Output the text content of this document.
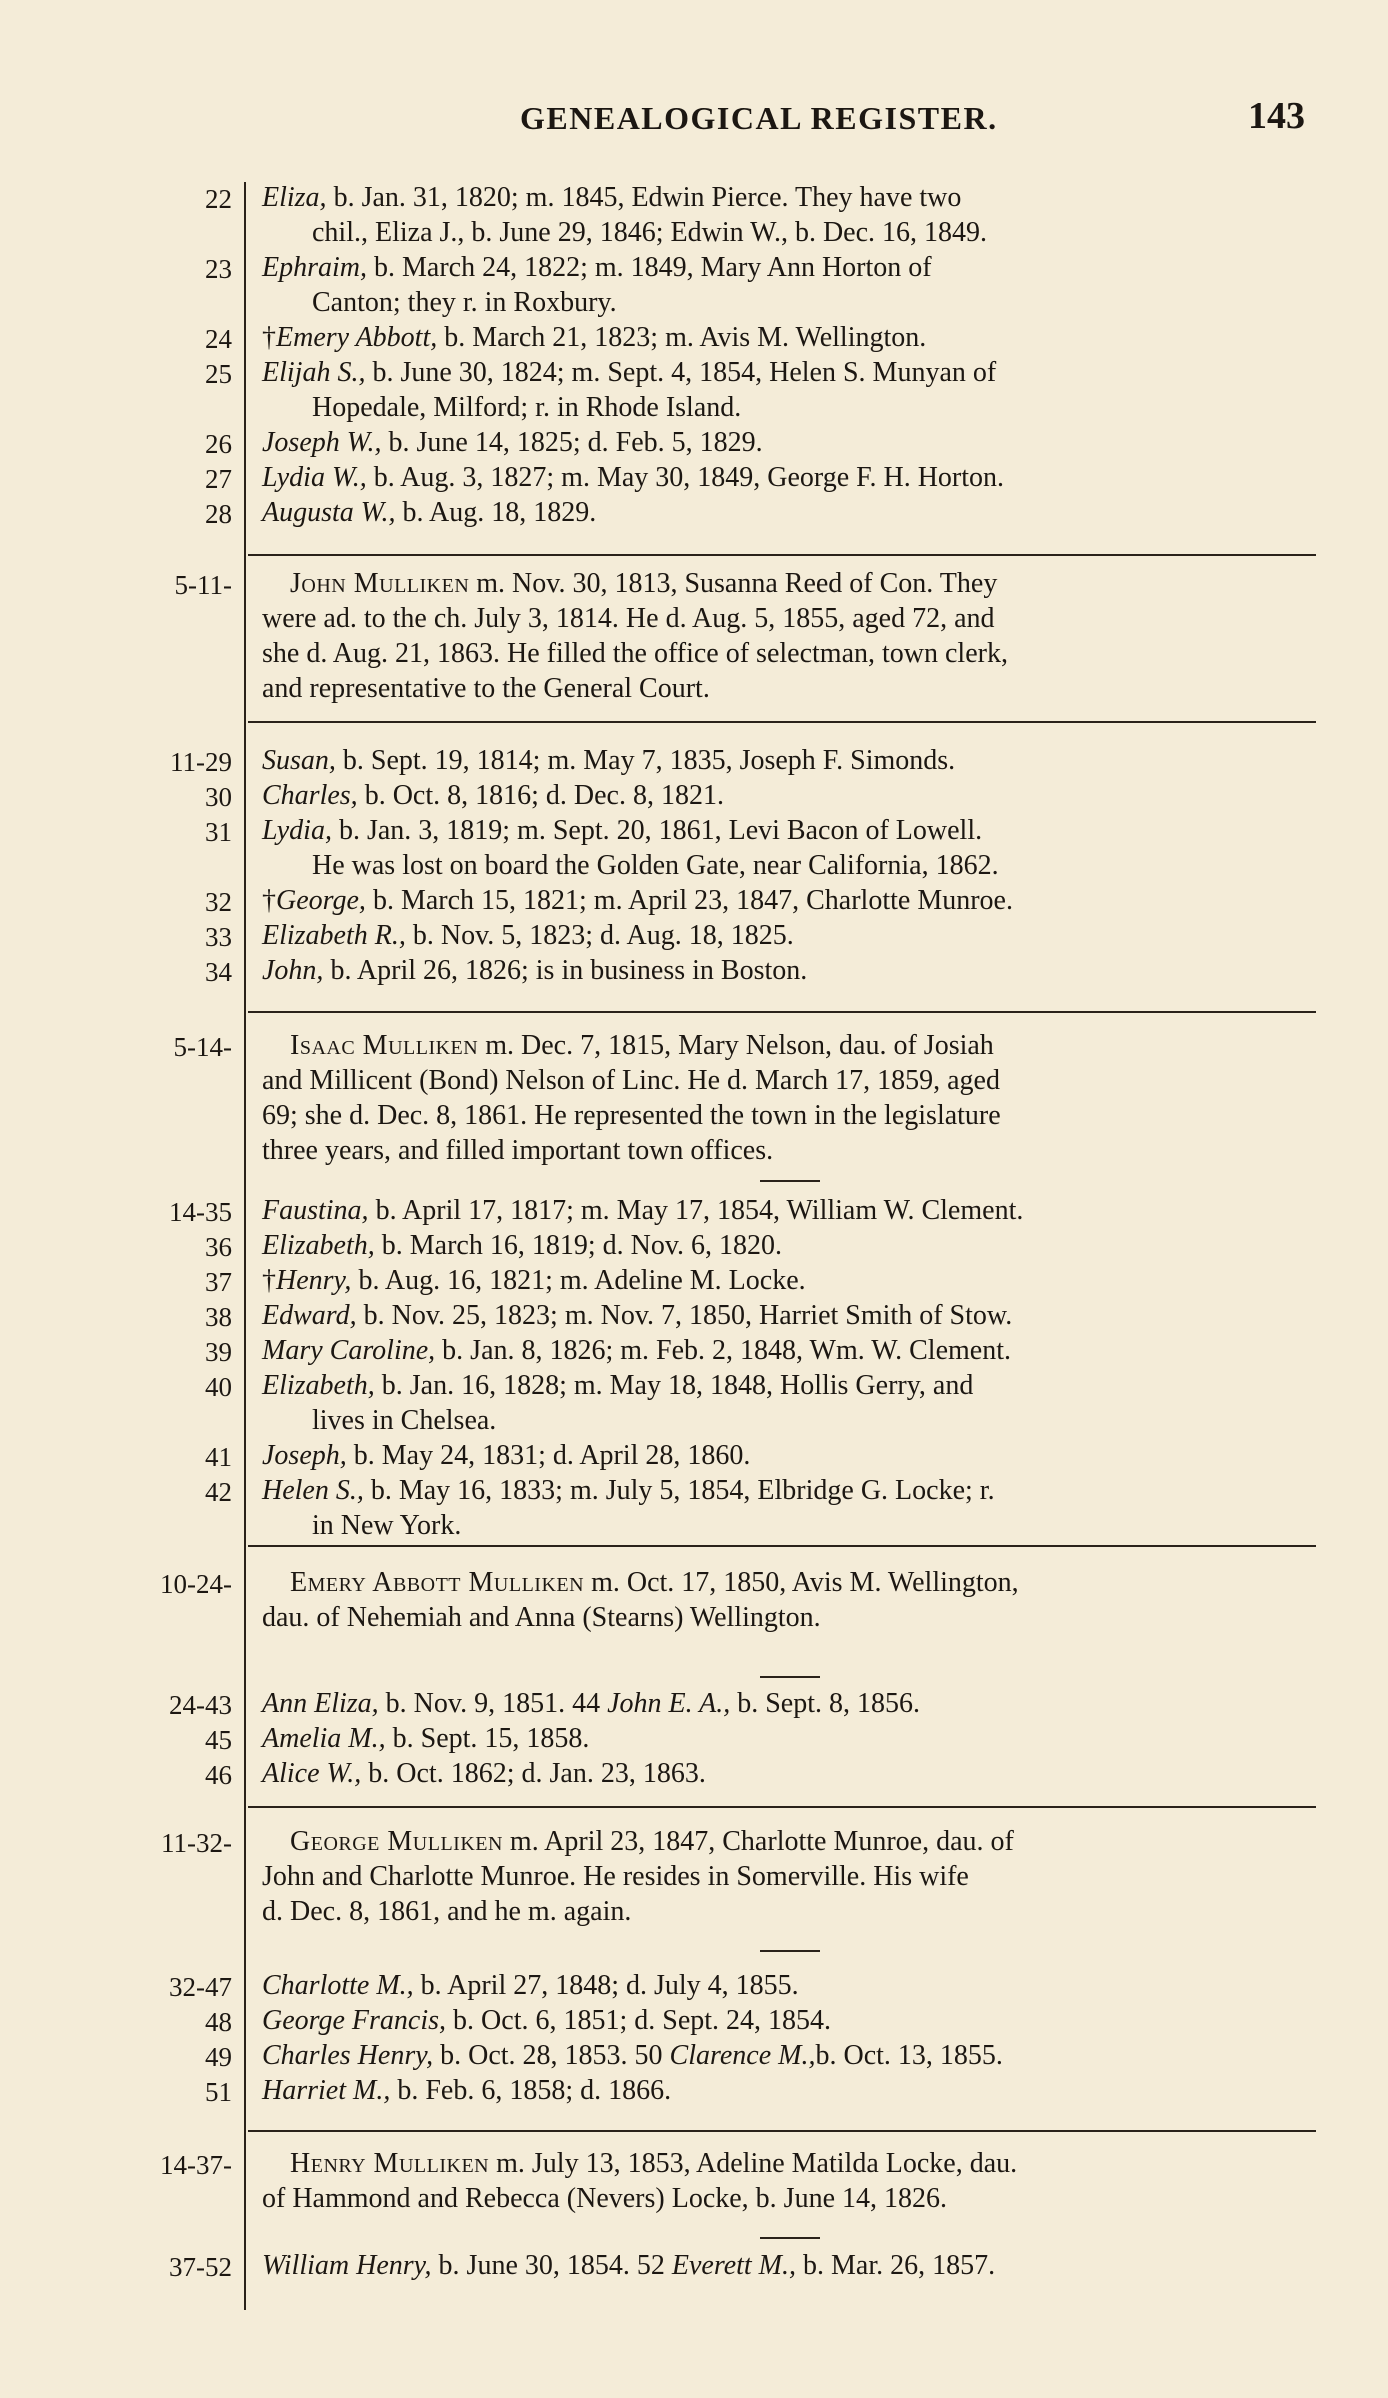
GENEALOGICAL REGISTER.	143
22 Eliza, b. Jan. 31, 1820; m. 1845, Edwin Pierce. They have two
chil., Eliza J., b. June 29, 1846; Edwin W., b. Dec. 16, 1849.
23 Ephraim, b. March 24, 1822; m. 1849, Mary Ann Horton of
Canton; they r. in Roxbury.
24 †Emery Abbott, b. March 21, 1823; m. Avis M. Wellington.
25 Elijah S., b. June 30, 1824; m. Sept. 4, 1854, Helen S. Munyan of
Hopedale, Milford; r. in Rhode Island.
26 Joseph W., b. June 14, 1825; d. Feb. 5, 1829.
27 Lydia W., b. Aug. 3, 1827; m. May 30, 1849, George F. H. Horton.
28 Augusta W., b. Aug. 18, 1829.
5-11- John Mulliken m. Nov. 30, 1813, Susanna Reed of Con. They
were ad. to the ch. July 3, 1814. He d. Aug. 5, 1855, aged 72, and
she d. Aug. 21, 1863. He filled the office of selectman, town clerk,
and representative to the General Court.
11-29 Susan, b. Sept. 19, 1814; m. May 7, 1835, Joseph F. Simonds.
30 Charles, b. Oct. 8, 1816; d. Dec. 8, 1821.
31 Lydia, b. Jan. 3, 1819; m. Sept. 20, 1861, Levi Bacon of Lowell.
He was lost on board the Golden Gate, near California, 1862.
32 †George, b. March 15, 1821; m. April 23, 1847, Charlotte Munroe.
33 Elizabeth R., b. Nov. 5, 1823; d. Aug. 18, 1825.
34 John, b. April 26, 1826; is in business in Boston.
5-14- Isaac Mulliken m. Dec. 7, 1815, Mary Nelson, dau. of Josiah
and Millicent (Bond) Nelson of Linc. He d. March 17, 1859, aged
69; she d. Dec. 8, 1861. He represented the town in the legislature
three years, and filled important town offices.
14-35 Faustina, b. April 17, 1817; m. May 17, 1854, William W. Clement.
36 Elizabeth, b. March 16, 1819; d. Nov. 6, 1820.
37 †Henry, b. Aug. 16, 1821; m. Adeline M. Locke.
38 Edward, b. Nov. 25, 1823; m. Nov. 7, 1850, Harriet Smith of Stow.
39 Mary Caroline, b. Jan. 8, 1826; m. Feb. 2, 1848, Wm. W. Clement.
40 Elizabeth, b. Jan. 16, 1828; m. May 18, 1848, Hollis Gerry, and
lives in Chelsea.
41 Joseph, b. May 24, 1831; d. April 28, 1860.
42 Helen S., b. May 16, 1833; m. July 5, 1854, Elbridge G. Locke; r.
in New York.
10-24- Emery Abbott Mulliken m. Oct. 17, 1850, Avis M. Wellington,
dau. of Nehemiah and Anna (Stearns) Wellington.
24-43 Ann Eliza, b. Nov. 9, 1851. 44 John E. A., b. Sept. 8, 1856.
45 Amelia M., b. Sept. 15, 1858.
46 Alice W., b. Oct. 1862; d. Jan. 23, 1863.
11-32- George Mulliken m. April 23, 1847, Charlotte Munroe, dau. of
John and Charlotte Munroe. He resides in Somerville. His wife
d. Dec. 8, 1861, and he m. again.
32-47 Charlotte M., b. April 27, 1848; d. July 4, 1855.
48 George Francis, b. Oct. 6, 1851; d. Sept. 24, 1854.
49 Charles Henry, b. Oct. 28, 1853. 50 Clarence M.,b. Oct. 13, 1855.
51 Harriet M., b. Feb. 6, 1858; d. 1866.
14-37- Henry Mulliken m. July 13, 1853, Adeline Matilda Locke, dau.
of Hammond and Rebecca (Nevers) Locke, b. June 14, 1826.
37-52 William Henry, b. June 30, 1854. 52 Everett M., b. Mar. 26, 1857.
